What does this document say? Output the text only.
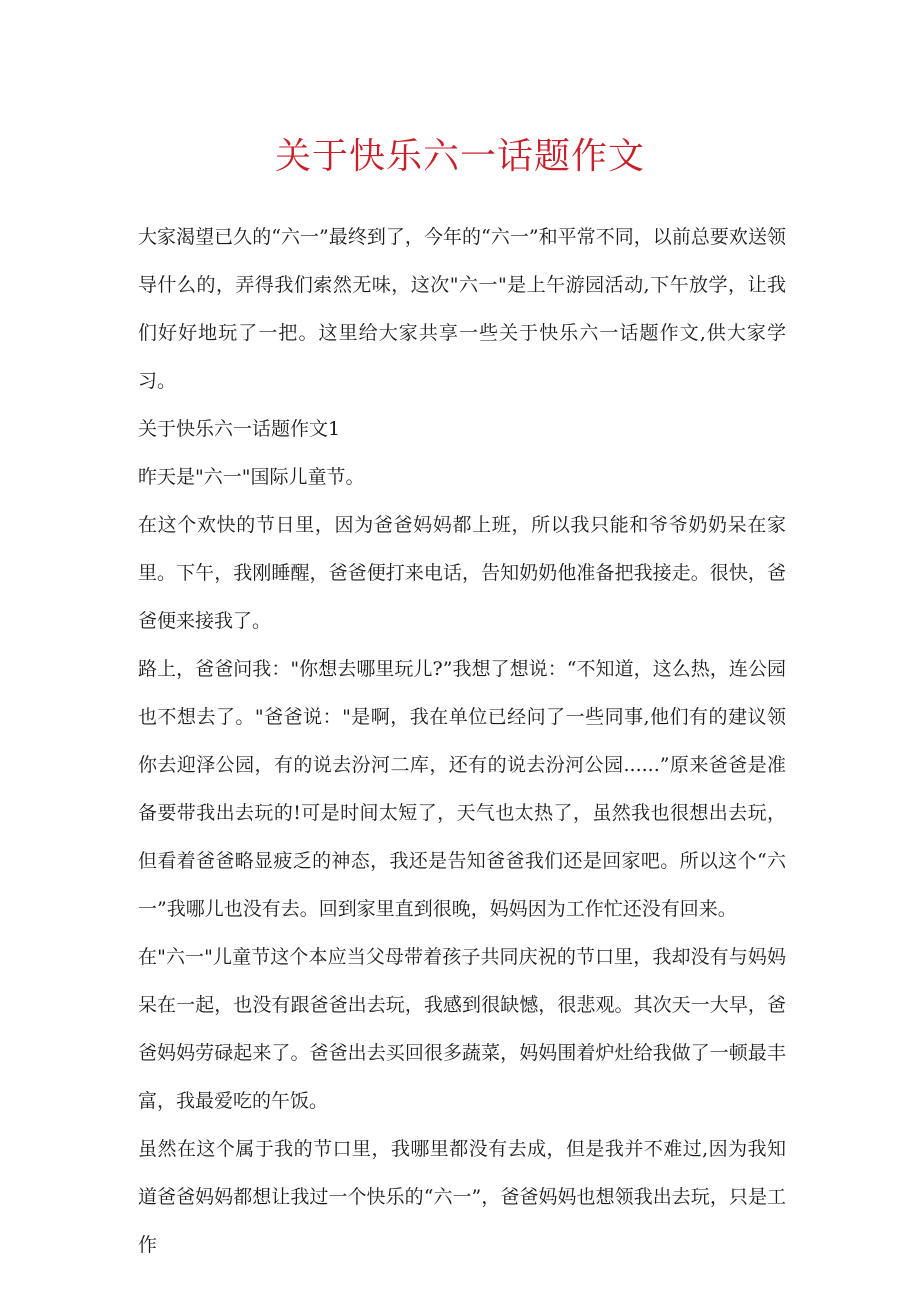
关于快乐六一话题作文

大家渴望已久的“六一”最终到了，今年的“六一”和平常不同，以前总要欢送领导什么的，弄得我们索然无味，这次"六一"是上午游园活动,下午放学，让我们好好地玩了一把。这里给大家共享一些关于快乐六一话题作文,供大家学习。

关于快乐六一话题作文1

昨天是"六一"国际儿童节。

在这个欢快的节日里，因为爸爸妈妈都上班，所以我只能和爷爷奶奶呆在家里。下午，我刚睡醒，爸爸便打来电话，告知奶奶他准备把我接走。很快，爸爸便来接我了。

路上，爸爸问我："你想去哪里玩儿?”我想了想说：“不知道，这么热，连公园也不想去了。"爸爸说："是啊，我在单位已经问了一些同事,他们有的建议领你去迎泽公园，有的说去汾河二库，还有的说去汾河公园......”原来爸爸是准备要带我出去玩的!可是时间太短了，天气也太热了，虽然我也很想出去玩，但看着爸爸略显疲乏的神态，我还是告知爸爸我们还是回家吧。所以这个“六一”我哪儿也没有去。回到家里直到很晚，妈妈因为工作忙还没有回来。

在"六一"儿童节这个本应当父母带着孩子共同庆祝的节口里，我却没有与妈妈呆在一起，也没有跟爸爸出去玩，我感到很缺憾，很悲观。其次天一大早，爸爸妈妈劳碌起来了。爸爸出去买回很多蔬菜，妈妈围着炉灶给我做了一顿最丰富，我最爱吃的午饭。

虽然在这个属于我的节口里，我哪里都没有去成，但是我并不难过,因为我知道爸爸妈妈都想让我过一个快乐的“六一”，爸爸妈妈也想领我出去玩，只是工作
